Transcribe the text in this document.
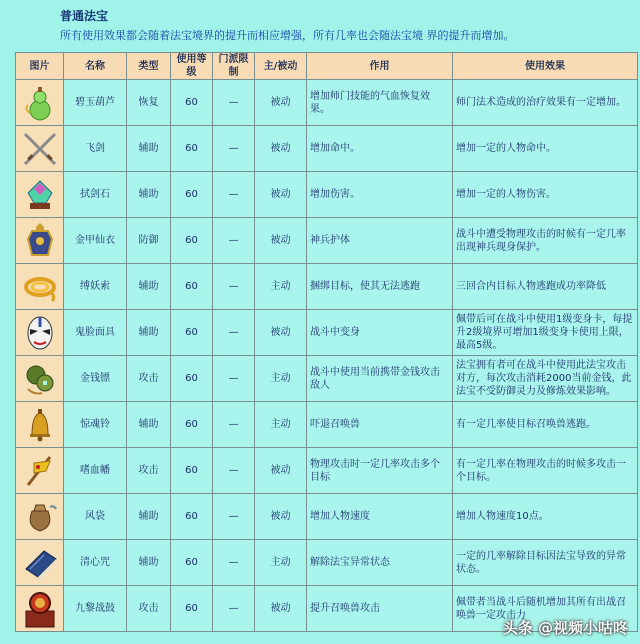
普通法宝
所有使用效果都会随着法宝境界的提升而相应增强，所有几率也会随法宝境 界的提升而增加。
图片	名称	类型	使用等级	门派限制	主/被动	作用	使用效果

	碧玉葫芦	恢复	60	—	被动	增加师门技能的气血恢复效果。	师门法术造成的治疗效果有一定增加。

	飞剑	辅助	60	—	被动	增加命中。	增加一定的人物命中。

	拭剑石	辅助	60	—	被动	增加伤害。	增加一定的人物伤害。

	金甲仙衣	防御	60	—	被动	神兵护体	战斗中遭受物理攻击的时候有一定几率出现神兵现身保护。

	缚妖索	辅助	60	—	主动	捆绑目标，使其无法逃跑	三回合内目标人物逃跑成功率降低

	鬼脸面具	辅助	60	—	被动	战斗中变身	佩带后可在战斗中使用1级变身卡，每提升2级境界可增加1级变身卡使用上限，最高5级。

	金钱镖	攻击	60	—	主动	战斗中使用当前携带金钱攻击敌人	法宝拥有者可在战斗中使用此法宝攻击对方，每次攻击消耗2000当前金钱，此法宝不受防御灵力及修炼效果影响。

	惊魂铃	辅助	60	—	主动	吓退召唤兽	有一定几率使目标召唤兽逃跑。

	嗜血幡	攻击	60	—	被动	物理攻击时一定几率攻击多个目标	有一定几率在物理攻击的时候多攻击一个目标。

	风袋	辅助	60	—	被动	增加人物速度	增加人物速度10点。

	清心咒	辅助	60	—	主动	解除法宝异常状态	一定的几率解除目标因法宝导致的异常状态。

	九黎战鼓	攻击	60	—	被动	提升召唤兽攻击	佩带者当战斗后随机增加其所有出战召唤兽一定攻击力
头条 @视频小咕咚
